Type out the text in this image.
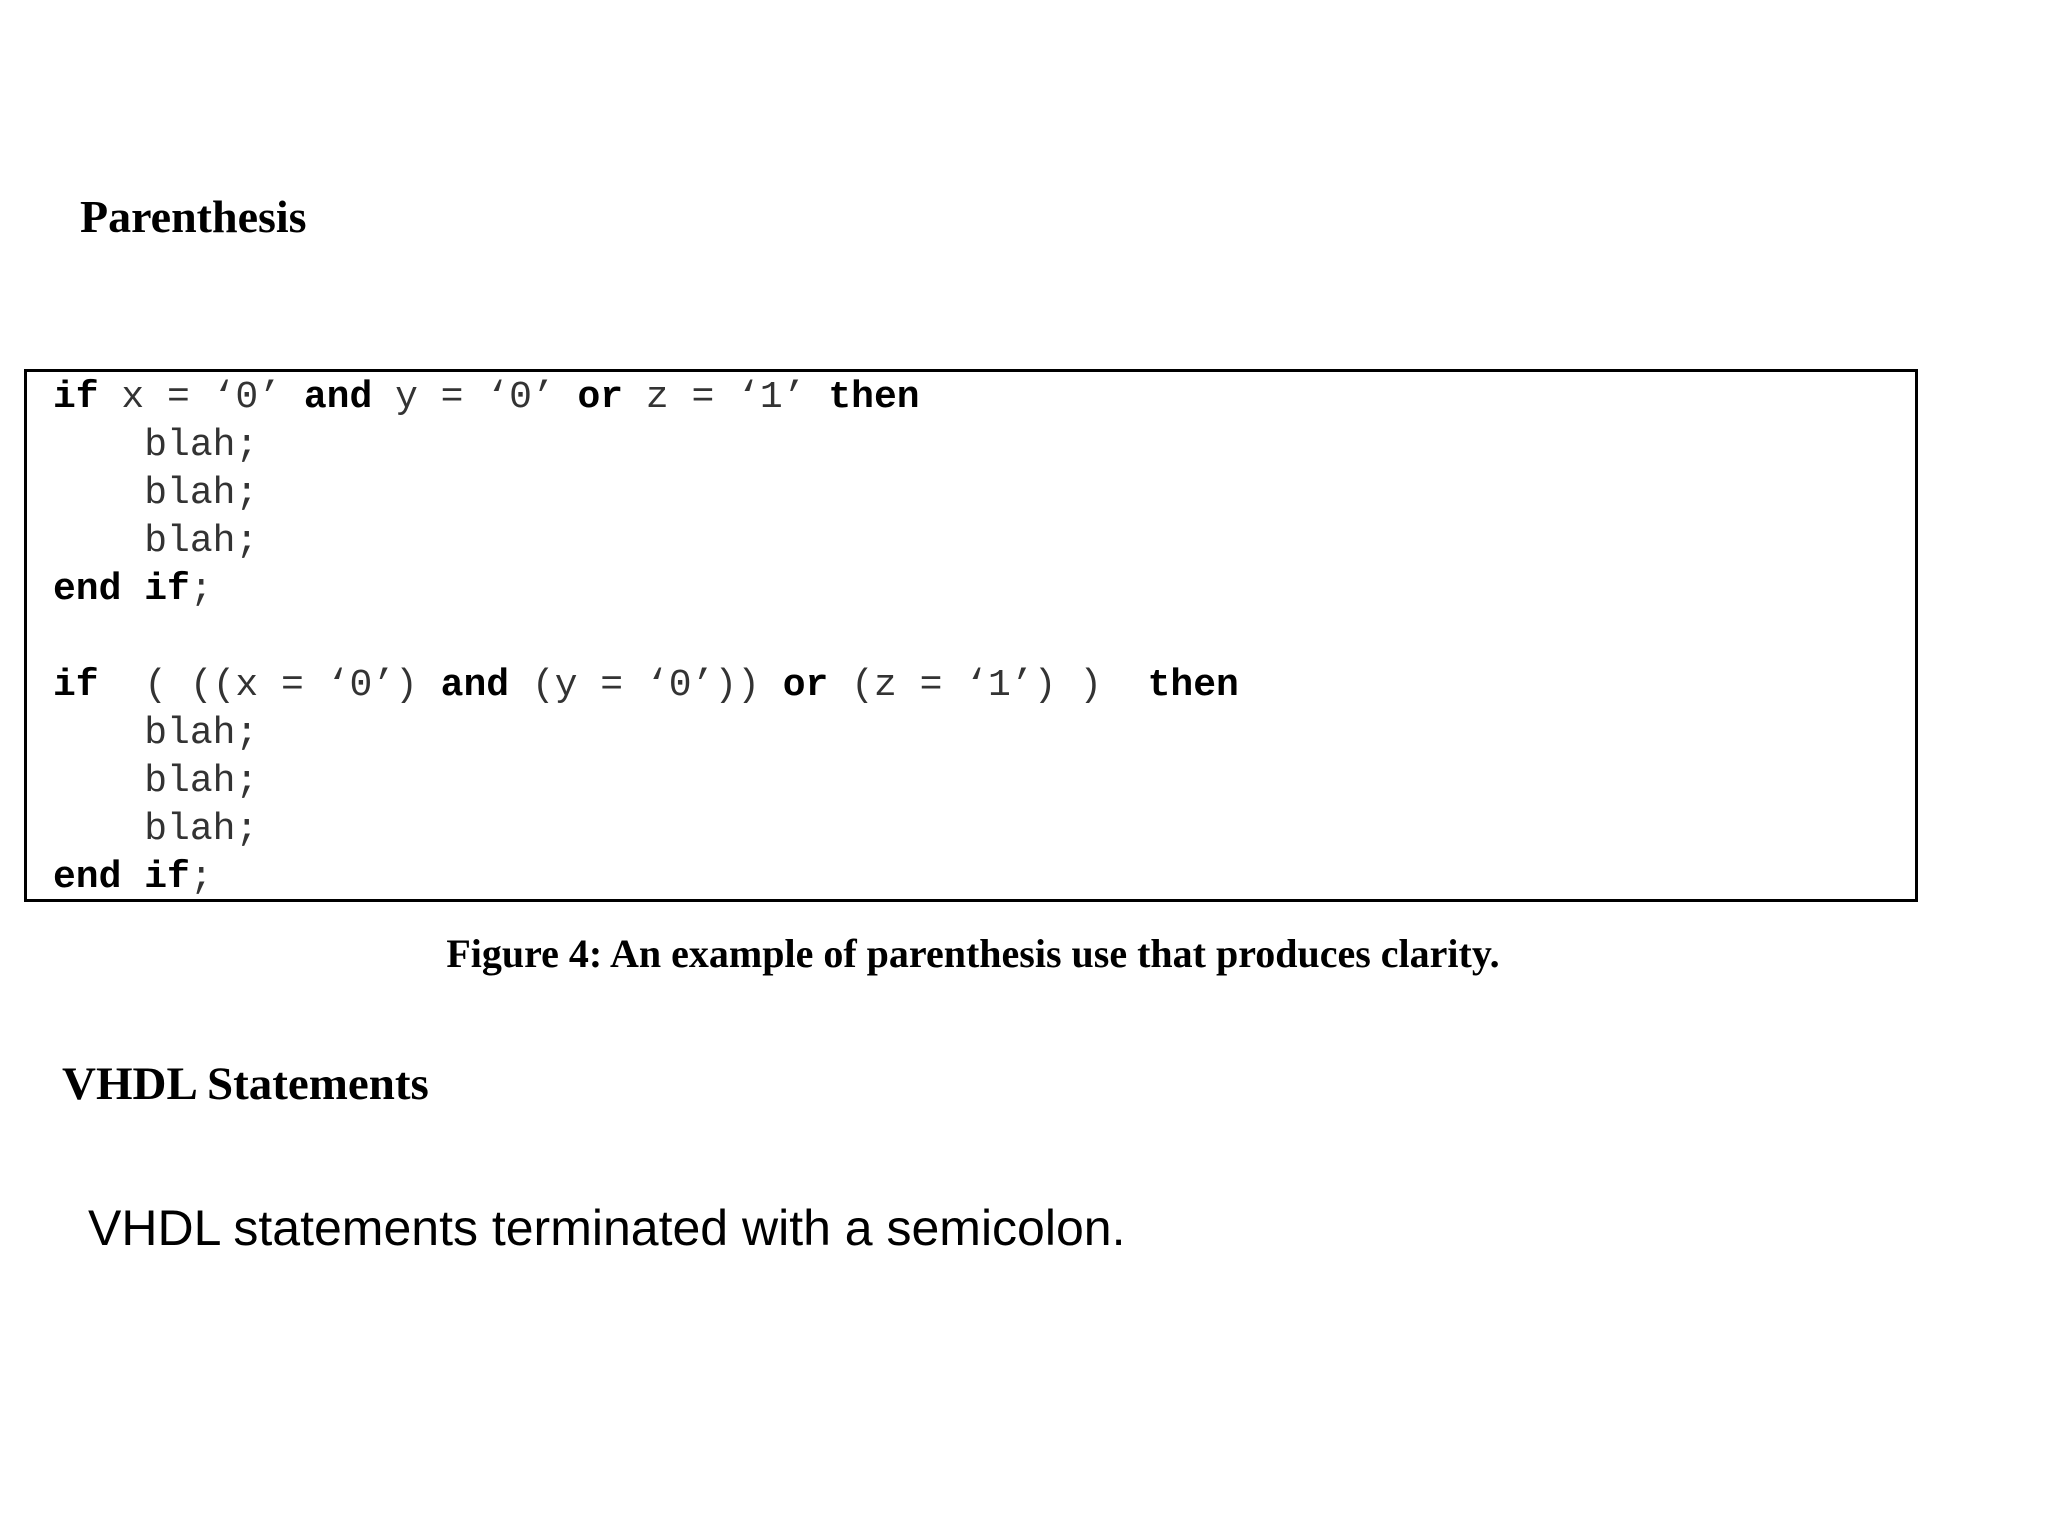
Parenthesis
if x = ‘0’ and y = ‘0’ or z = ‘1’ then
blah;
blah;
blah;
end if;
if  ( ((x = ‘0’) and (y = ‘0’)) or (z = ‘1’) )  then
blah;
blah;
blah;
end if;

Figure 4: An example of parenthesis use that produces clarity.

VHDL Statements

VHDL statements terminated with a semicolon.
